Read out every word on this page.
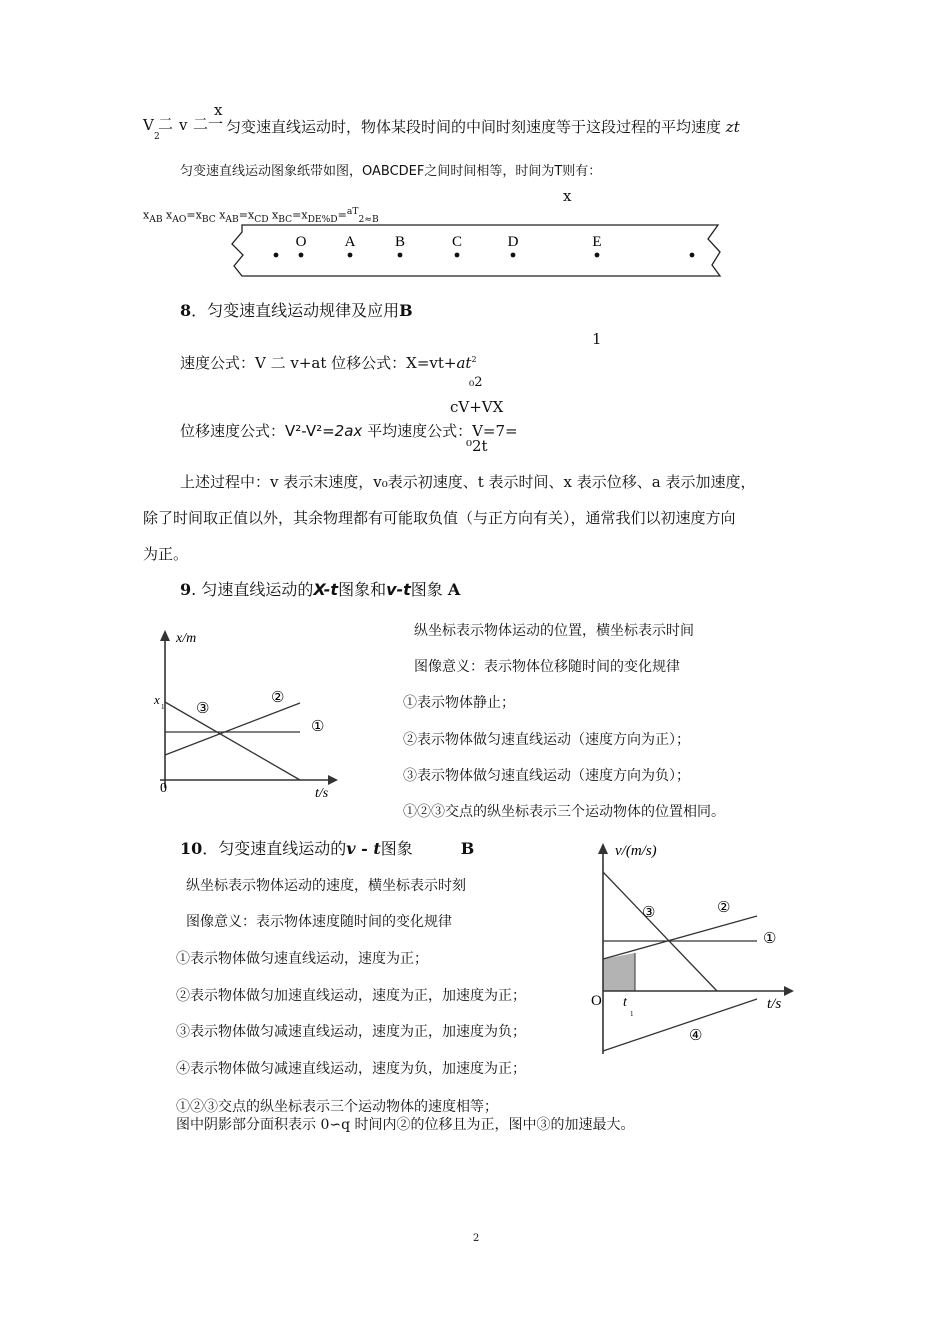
V
2
二 v 二一
x
匀变速直线运动时，物体某段时间的中间时刻速度等于这段过程的平均速度 zt
匀变速直线运动图象纸带如图，OABCDEF之间时间相等，时间为T则有：
x
$x_{AB}$ $x_{AO}=x_{BC}$ $x_{AB}=x_{CD}$ $x_{BC}=x_{DE\%D}=^{aT}_{2\approx B}$
O	A	B	C	D	E
8．匀变速直线运动规律及应用B
1
速度公式：V 二 v+at 位移公式：$X=vt+at^2$
₀2
cV+VX
位移速度公式：V²-V²=2ax 平均速度公式：V=7=
⁰2t
上述过程中：v 表示末速度，v₀表示初速度、t 表示时间、x 表示位移、a 表示加速度，
除了时间取正值以外，其余物理都有可能取负值（与正方向有关），通常我们以初速度方向
为正。
9. 匀速直线运动的X-t图象和v-t图象 A
x/m
t/s
0
x 1
①
②
③
纵坐标表示物体运动的位置，横坐标表示时间
图像意义：表示物体位移随时间的变化规律
①表示物体静止；
②表示物体做匀速直线运动（速度方向为正）；
③表示物体做匀速直线运动（速度方向为负）；
①②③交点的纵坐标表示三个运动物体的位置相同。
10．匀变速直线运动的v - t图象	B
纵坐标表示物体运动的速度，横坐标表示时刻
图像意义：表示物体速度随时间的变化规律
①表示物体做匀速直线运动，速度为正；
②表示物体做匀加速直线运动，速度为正，加速度为正；
③表示物体做匀减速直线运动，速度为正，加速度为负；
④表示物体做匀减速直线运动，速度为负，加速度为正；
①②③交点的纵坐标表示三个运动物体的速度相等；
图中阴影部分面积表示 0∽q 时间内②的位移且为正，图中③的加速最大。
v/(m/s)
t/s
O t
1
①
②
③
④
2
